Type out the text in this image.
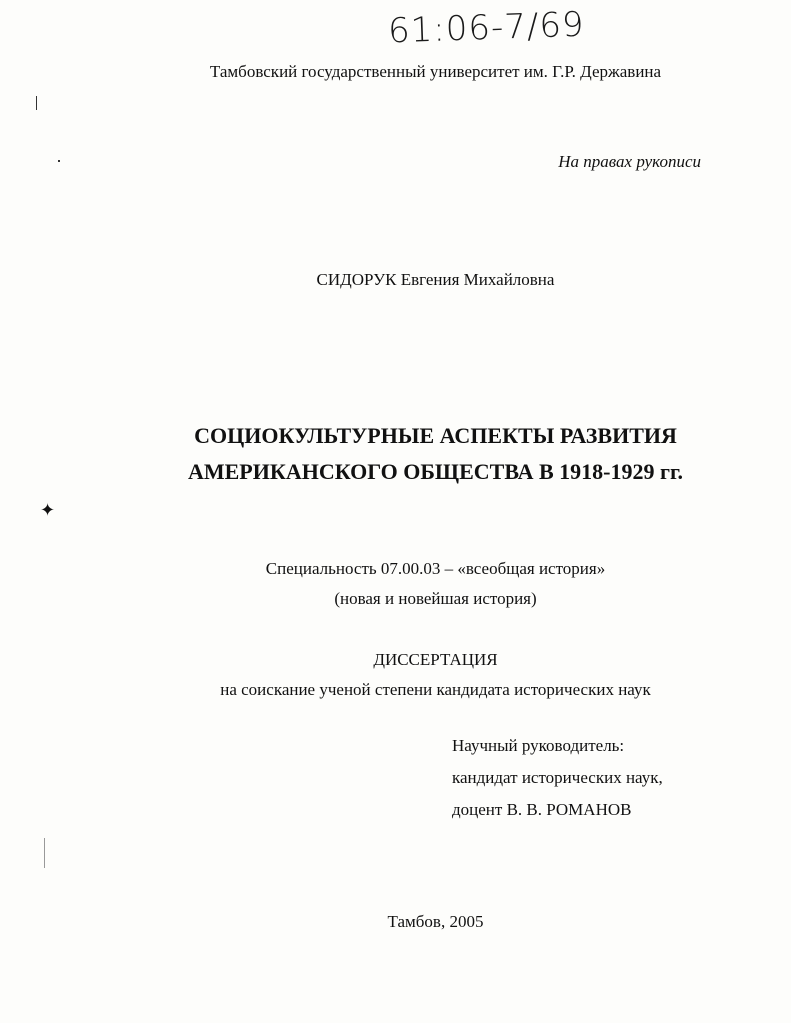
61:06-7/69
Тамбовский государственный университет им. Г.Р. Державина
На правах рукописи
СИДОРУК Евгения Михайловна
СОЦИОКУЛЬТУРНЫЕ АСПЕКТЫ РАЗВИТИЯ
АМЕРИКАНСКОГО ОБЩЕСТВА В 1918-1929 гг.
✦
Специальность 07.00.03 – «всеобщая история»
(новая и новейшая история)
ДИССЕРТАЦИЯ
на соискание ученой степени кандидата исторических наук
Научный руководитель:
кандидат исторических наук,
доцент В. В. РОМАНОВ
Тамбов, 2005
